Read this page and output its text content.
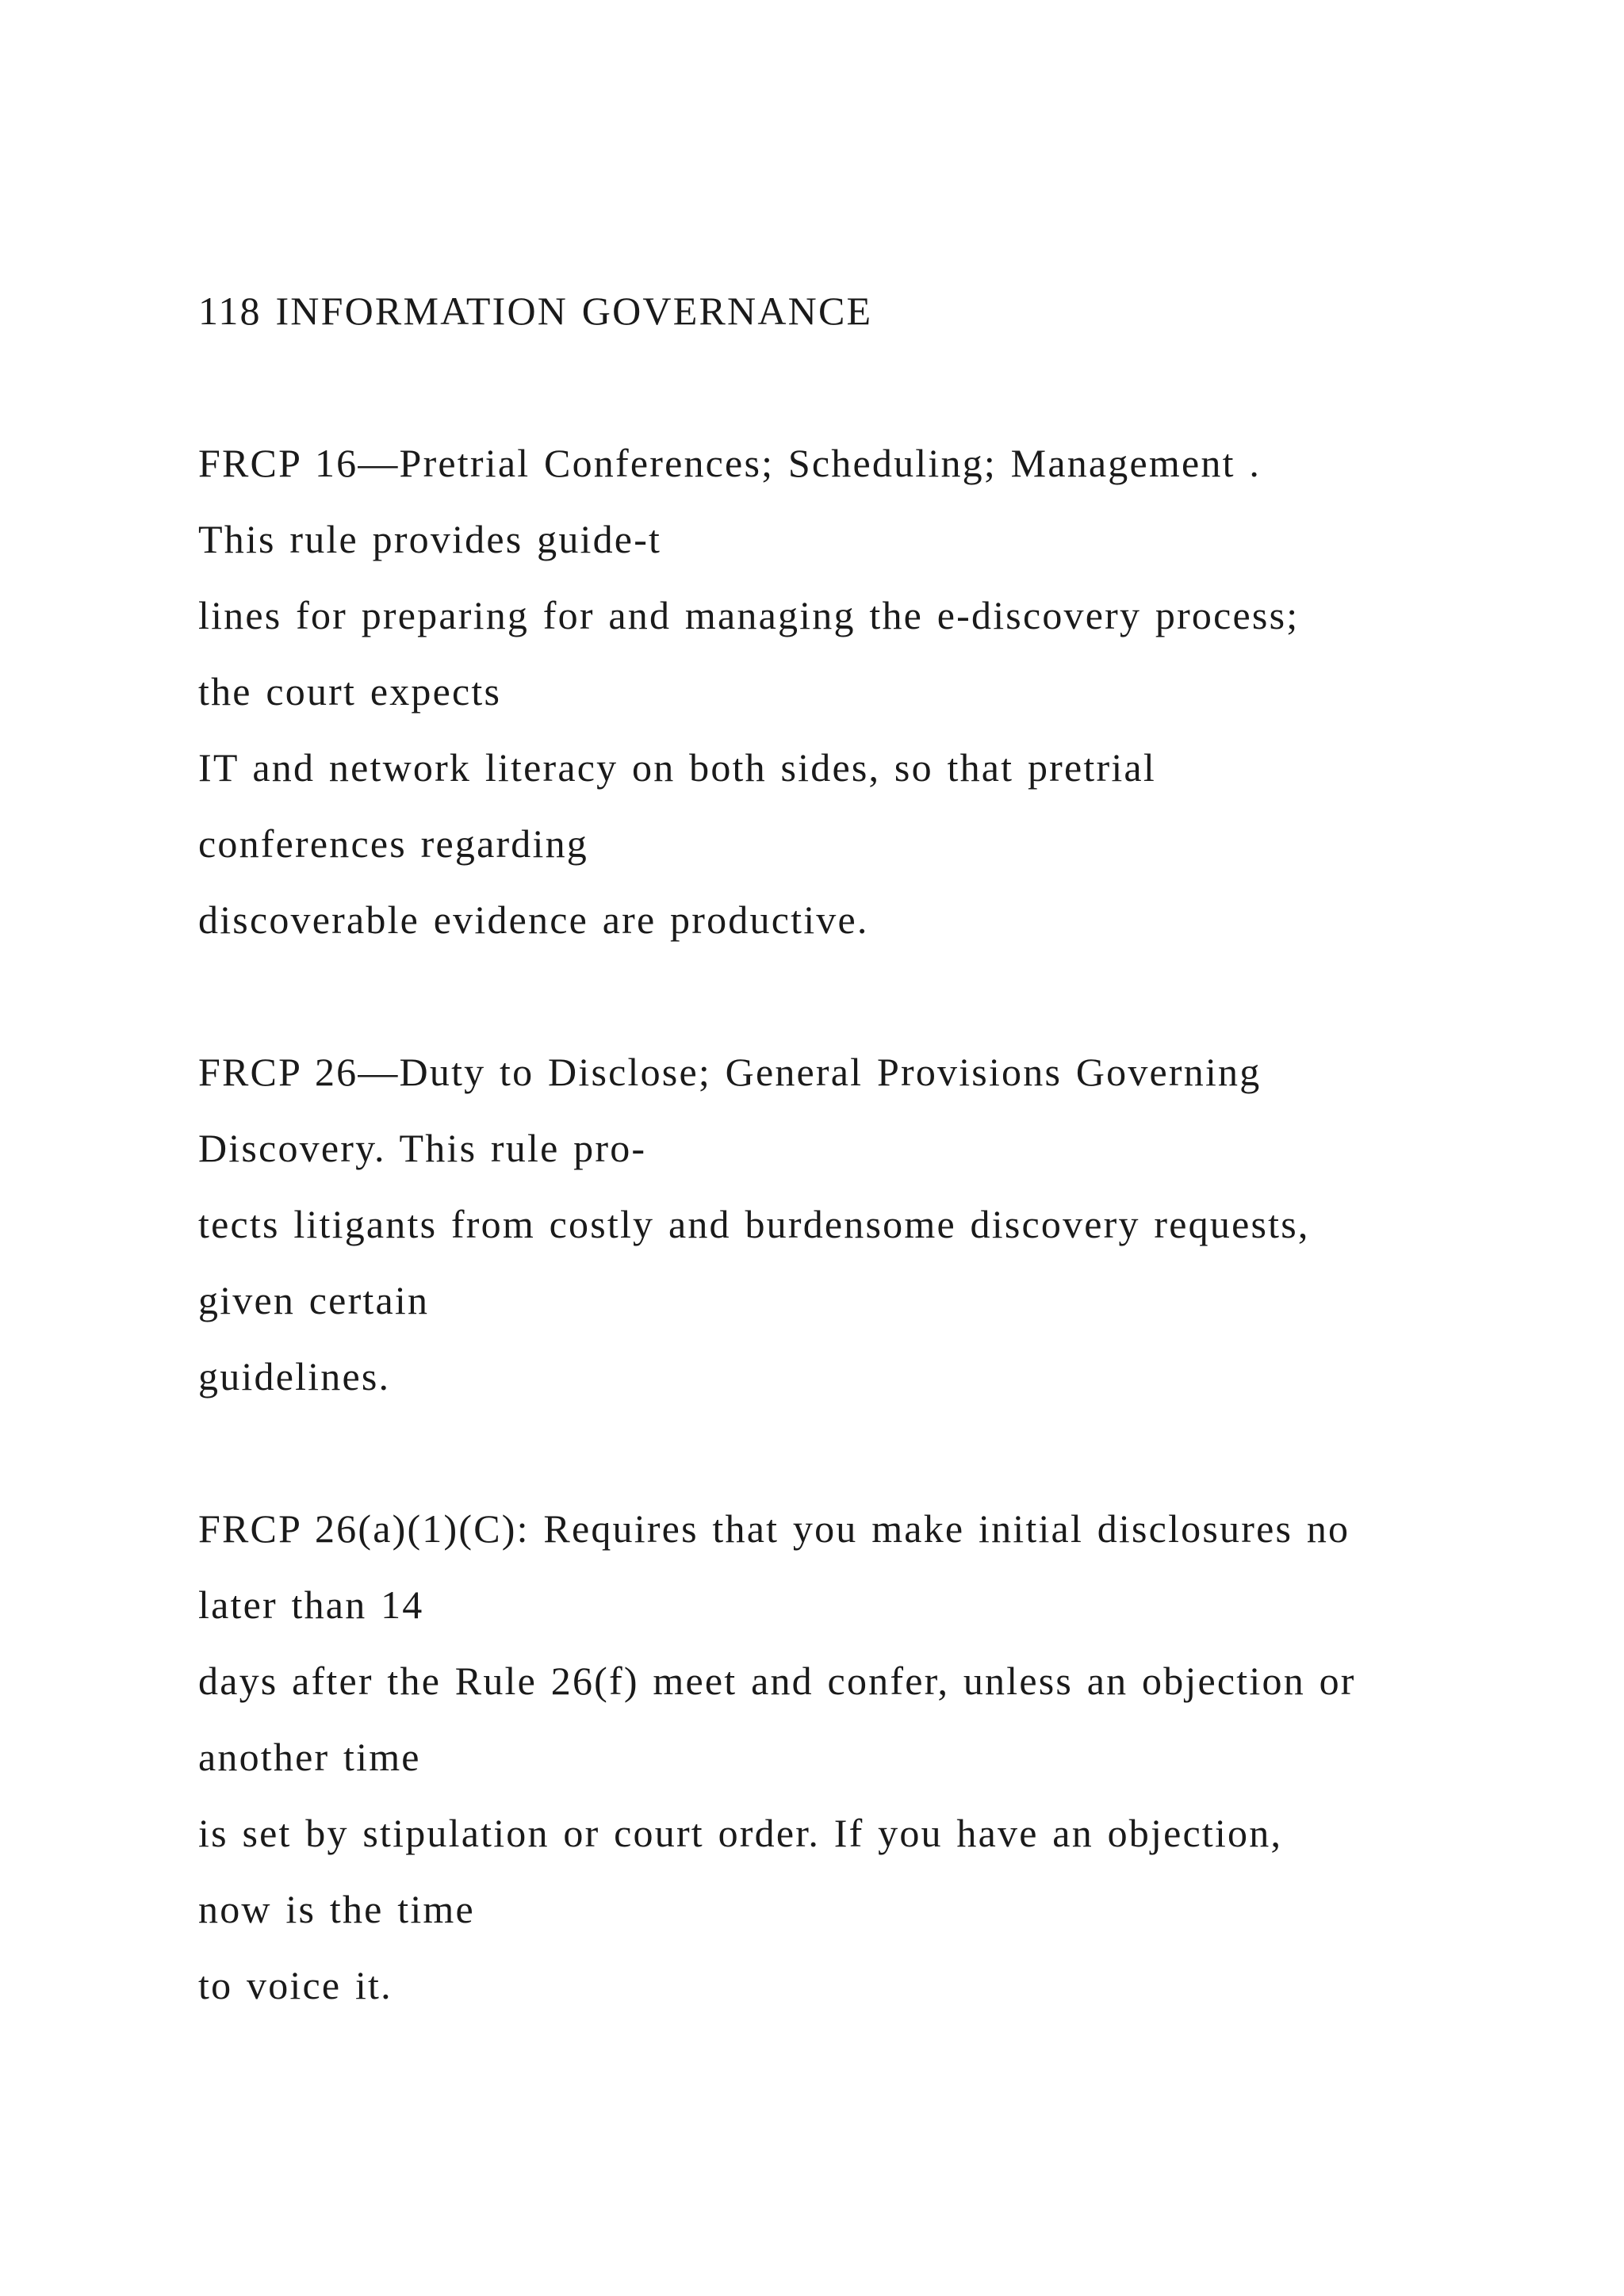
118 INFORMATION GOVERNANCE
FRCP 16—Pretrial Conferences; Scheduling; Management .
This rule provides guide-t
lines for preparing for and managing the e-discovery process;
the court expects
IT and network literacy on both sides, so that pretrial
conferences regarding
discoverable evidence are productive.
FRCP 26—Duty to Disclose; General Provisions Governing
Discovery. This rule pro-
tects litigants from costly and burdensome discovery requests,
given certain
guidelines.
FRCP 26(a)(1)(C): Requires that you make initial disclosures no
later than 14
days after the Rule 26(f) meet and confer, unless an objection or
another time
is set by stipulation or court order. If you have an objection,
now is the time
to voice it.
